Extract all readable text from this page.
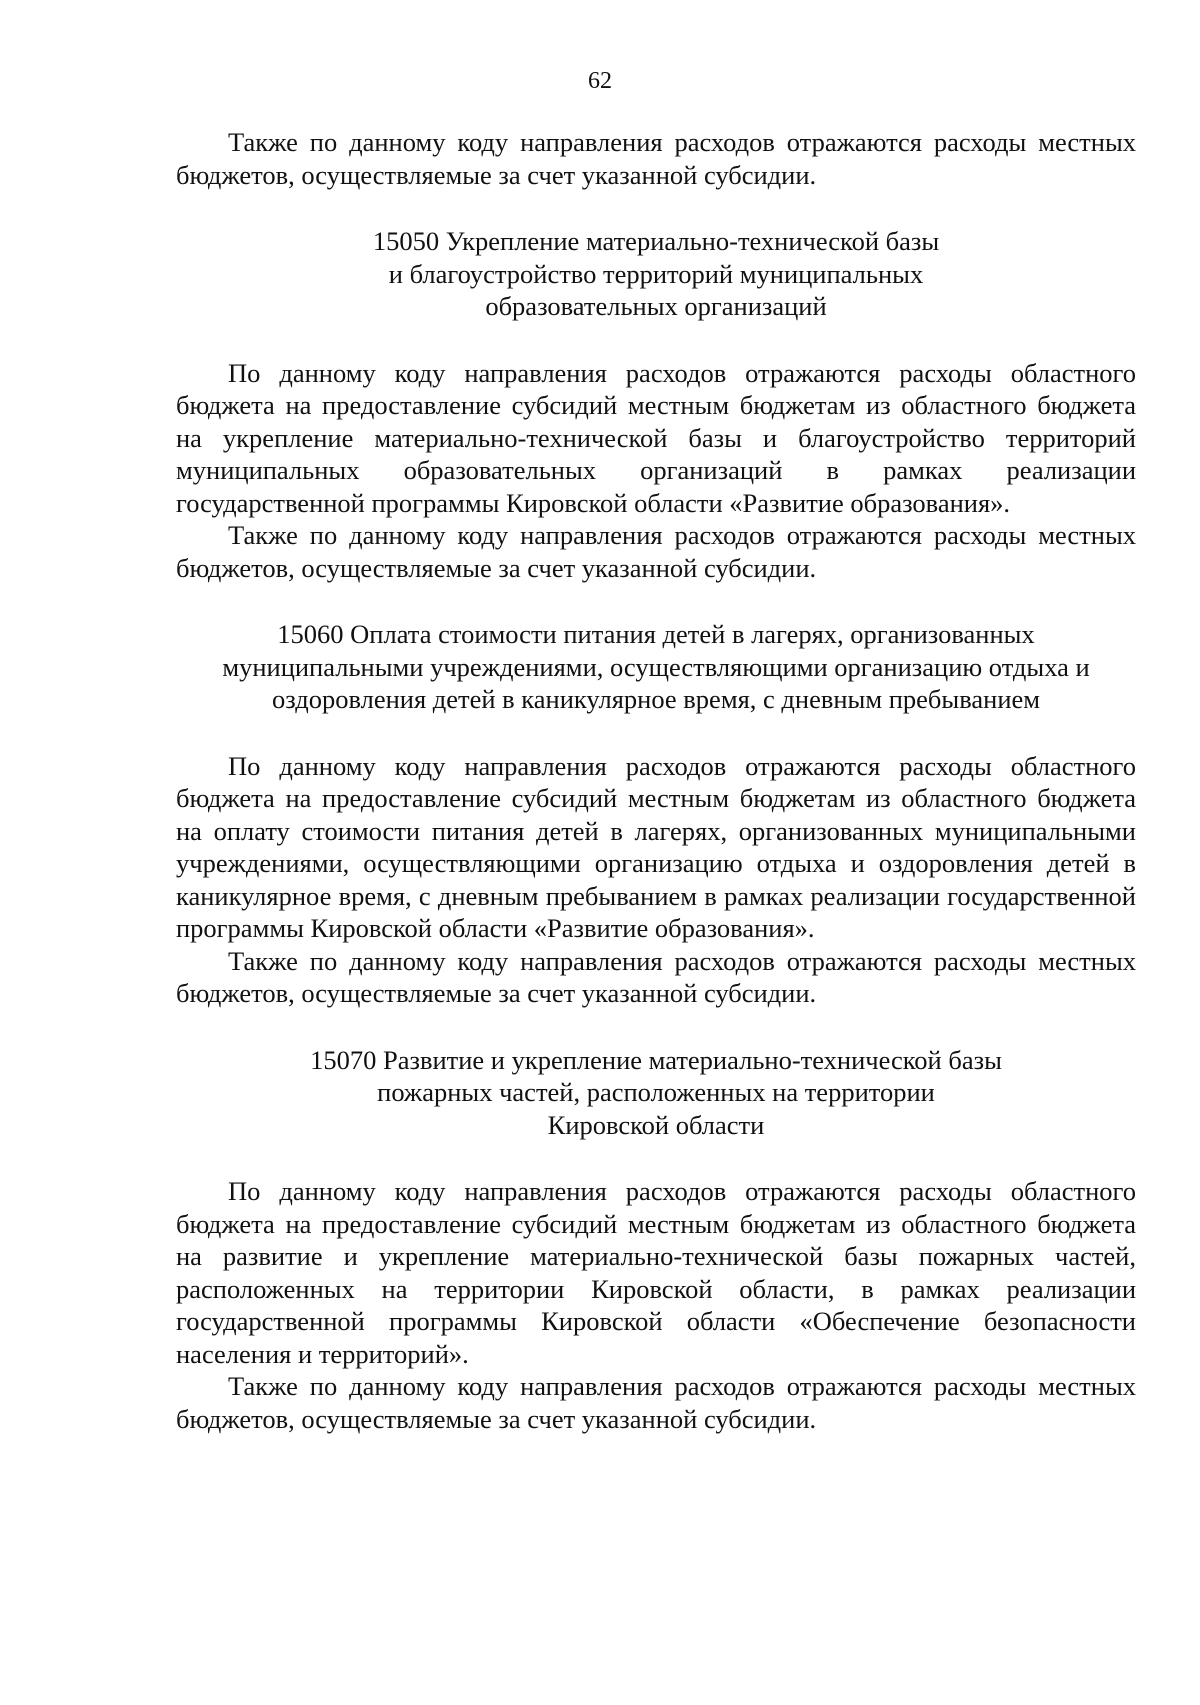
62

Также по данному коду направления расходов отражаются расходы местных бюджетов, осуществляемые за счет указанной субсидии.

15050 Укрепление материально-технической базы
и благоустройство территорий муниципальных
образовательных организаций

По данному коду направления расходов отражаются расходы областного бюджета на предоставление субсидий местным бюджетам из областного бюджета на укрепление материально-технической базы и благоустройство территорий муниципальных образовательных организаций в рамках реализации государственной программы Кировской области «Развитие образования».

Также по данному коду направления расходов отражаются расходы местных бюджетов, осуществляемые за счет указанной субсидии.

15060 Оплата стоимости питания детей в лагерях, организованных
муниципальными учреждениями, осуществляющими организацию отдыха и
оздоровления детей в каникулярное время, с дневным пребыванием

По данному коду направления расходов отражаются расходы областного бюджета на предоставление субсидий местным бюджетам из областного бюджета на оплату стоимости питания детей в лагерях, организованных муниципальными учреждениями, осуществляющими организацию отдыха и оздоровления детей в каникулярное время, с дневным пребыванием в рамках реализации государственной программы Кировской области «Развитие образования».

Также по данному коду направления расходов отражаются расходы местных бюджетов, осуществляемые за счет указанной субсидии.

15070 Развитие и укрепление материально-технической базы
пожарных частей, расположенных на территории
Кировской области

По данному коду направления расходов отражаются расходы областного бюджета на предоставление субсидий местным бюджетам из областного бюджета на развитие и укрепление материально-технической базы пожарных частей, расположенных на территории Кировской области, в рамках реализации государственной программы Кировской области «Обеспечение безопасности населения и территорий».

Также по данному коду направления расходов отражаются расходы местных бюджетов, осуществляемые за счет указанной субсидии.
